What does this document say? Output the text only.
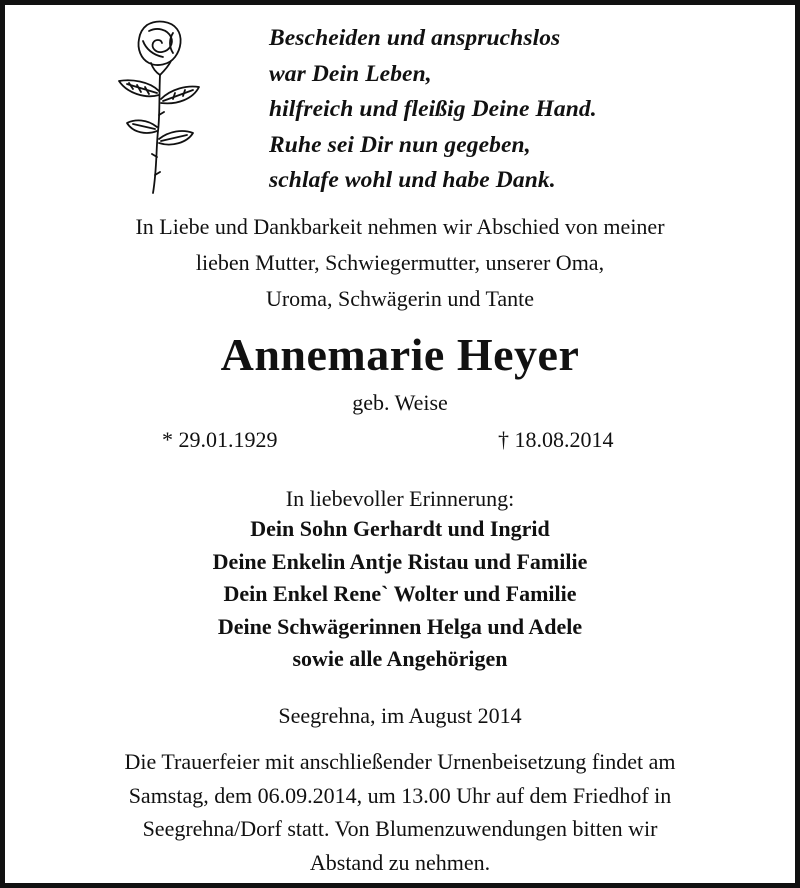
Bescheiden und anspruchslos
war Dein Leben,
hilfreich und fleißig Deine Hand.
Ruhe sei Dir nun gegeben,
schlafe wohl und habe Dank.
In Liebe und Dankbarkeit nehmen wir Abschied von meiner
lieben Mutter, Schwiegermutter, unserer Oma,
Uroma, Schwägerin und Tante
Annemarie Heyer
geb. Weise
* 29.01.1929	† 18.08.2014
In liebevoller Erinnerung:
Dein Sohn Gerhardt und Ingrid
Deine Enkelin Antje Ristau und Familie
Dein Enkel Rene` Wolter und Familie
Deine Schwägerinnen Helga und Adele
sowie alle Angehörigen
Seegrehna, im August 2014
Die Trauerfeier mit anschließender Urnenbeisetzung findet am
Samstag, dem 06.09.2014, um 13.00 Uhr auf dem Friedhof in
Seegrehna/Dorf statt. Von Blumenzuwendungen bitten wir
Abstand zu nehmen.
